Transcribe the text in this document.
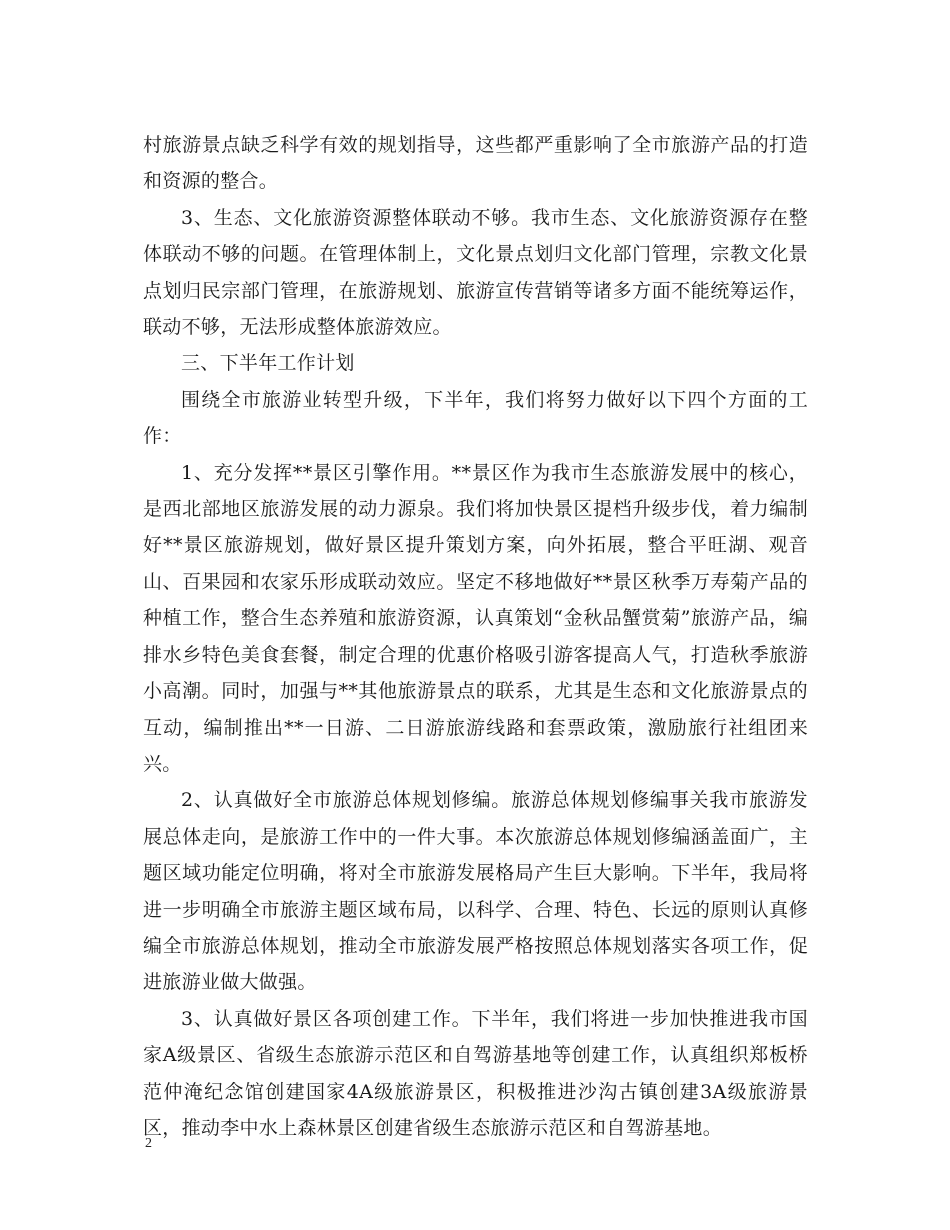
村旅游景点缺乏科学有效的规划指导，这些都严重影响了全市旅游产品的打造和资源的整合。

3、生态、文化旅游资源整体联动不够。我市生态、文化旅游资源存在整体联动不够的问题。在管理体制上，文化景点划归文化部门管理，宗教文化景点划归民宗部门管理，在旅游规划、旅游宣传营销等诸多方面不能统筹运作，联动不够，无法形成整体旅游效应。

三、下半年工作计划

围绕全市旅游业转型升级，下半年，我们将努力做好以下四个方面的工作：

1、充分发挥**景区引擎作用。**景区作为我市生态旅游发展中的核心，是西北部地区旅游发展的动力源泉。我们将加快景区提档升级步伐，着力编制好**景区旅游规划，做好景区提升策划方案，向外拓展，整合平旺湖、观音山、百果园和农家乐形成联动效应。坚定不移地做好**景区秋季万寿菊产品的种植工作，整合生态养殖和旅游资源，认真策划“金秋品蟹赏菊”旅游产品，编排水乡特色美食套餐，制定合理的优惠价格吸引游客提高人气，打造秋季旅游小高潮。同时，加强与**其他旅游景点的联系，尤其是生态和文化旅游景点的互动，编制推出**一日游、二日游旅游线路和套票政策，激励旅行社组团来兴。

2、认真做好全市旅游总体规划修编。旅游总体规划修编事关我市旅游发展总体走向，是旅游工作中的一件大事。本次旅游总体规划修编涵盖面广，主题区域功能定位明确，将对全市旅游发展格局产生巨大影响。下半年，我局将进一步明确全市旅游主题区域布局，以科学、合理、特色、长远的原则认真修编全市旅游总体规划，推动全市旅游发展严格按照总体规划落实各项工作，促进旅游业做大做强。

3、认真做好景区各项创建工作。下半年，我们将进一步加快推进我市国家A级景区、省级生态旅游示范区和自驾游基地等创建工作，认真组织郑板桥范仲淹纪念馆创建国家4A级旅游景区，积极推进沙沟古镇创建3A级旅游景区，推动李中水上森林景区创建省级生态旅游示范区和自驾游基地。

2
